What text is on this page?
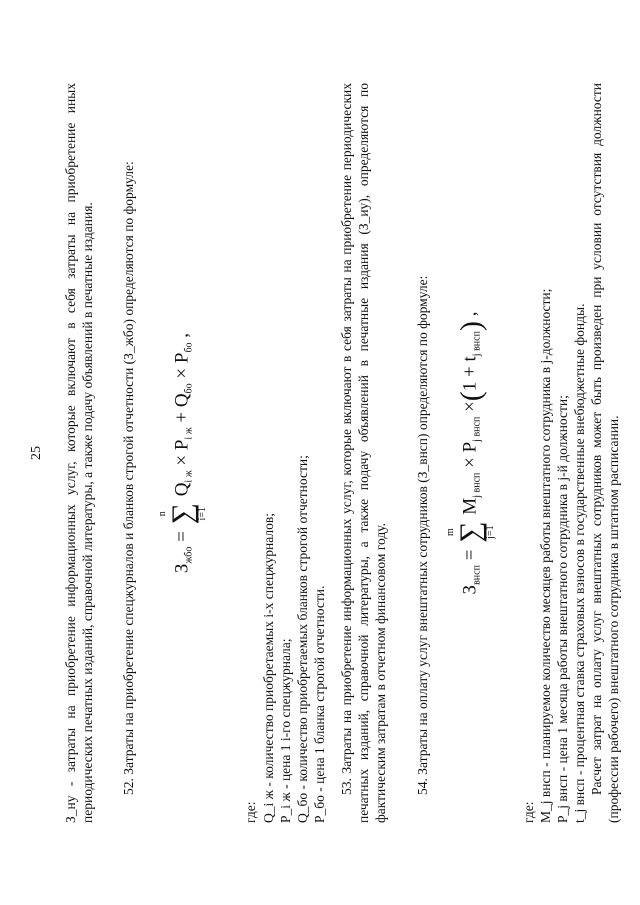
25 З_ну - затраты на приобретение информационных услуг, которые включают в себя затраты на приобретение иных периодических печатных изданий, справочной литературы, а также подачу объявлений в печатные издания. 52. Затраты на приобретение спецжурналов и бланков строгой отчетности (З_жбо) определяются по формуле:	$З_{жбо}$ =
n
∑
i=1
$Q_{i ж} \times P_{i ж} + Q_{бо} \times P_{бо}$ ,
где: Q_i ж - количество приобретаемых i-х спецжурналов; P_i ж - цена 1 i-го спецжурнала; Q_бо - количество приобретаемых бланков строгой отчетности; P_бо - цена 1 бланка строгой отчетности. 53. Затраты на приобретение информационных услуг, которые включают в себя затраты на приобретение периодических печатных изданий, справочной литературы, а также подачу объявлений в печатные издания (З_иу), определяются по фактическим затратам в отчетном финансовом году. 54. Затраты на оплату услуг внештатных сотрудников (З_внсп) определяются по формуле:	$З_{внсп}$ =
m
∑
j=1
$M_{j внсп} \times P_{j внсп} \times(1 + t_{j внсп})$ ,
где: M_j внсп - планируемое количество месяцев работы внештатного сотрудника в j-должности; P_j внсп - цена 1 месяца работы внештатного сотрудника в j-й должности; t_j внсп - процентная ставка страховых взносов в государственные внебюджетные фонды. Расчет затрат на оплату услуг внештатных сотрудников может быть произведен при условии отсутствия должности (профессии рабочего) внештатного сотрудника в штатном расписании.
